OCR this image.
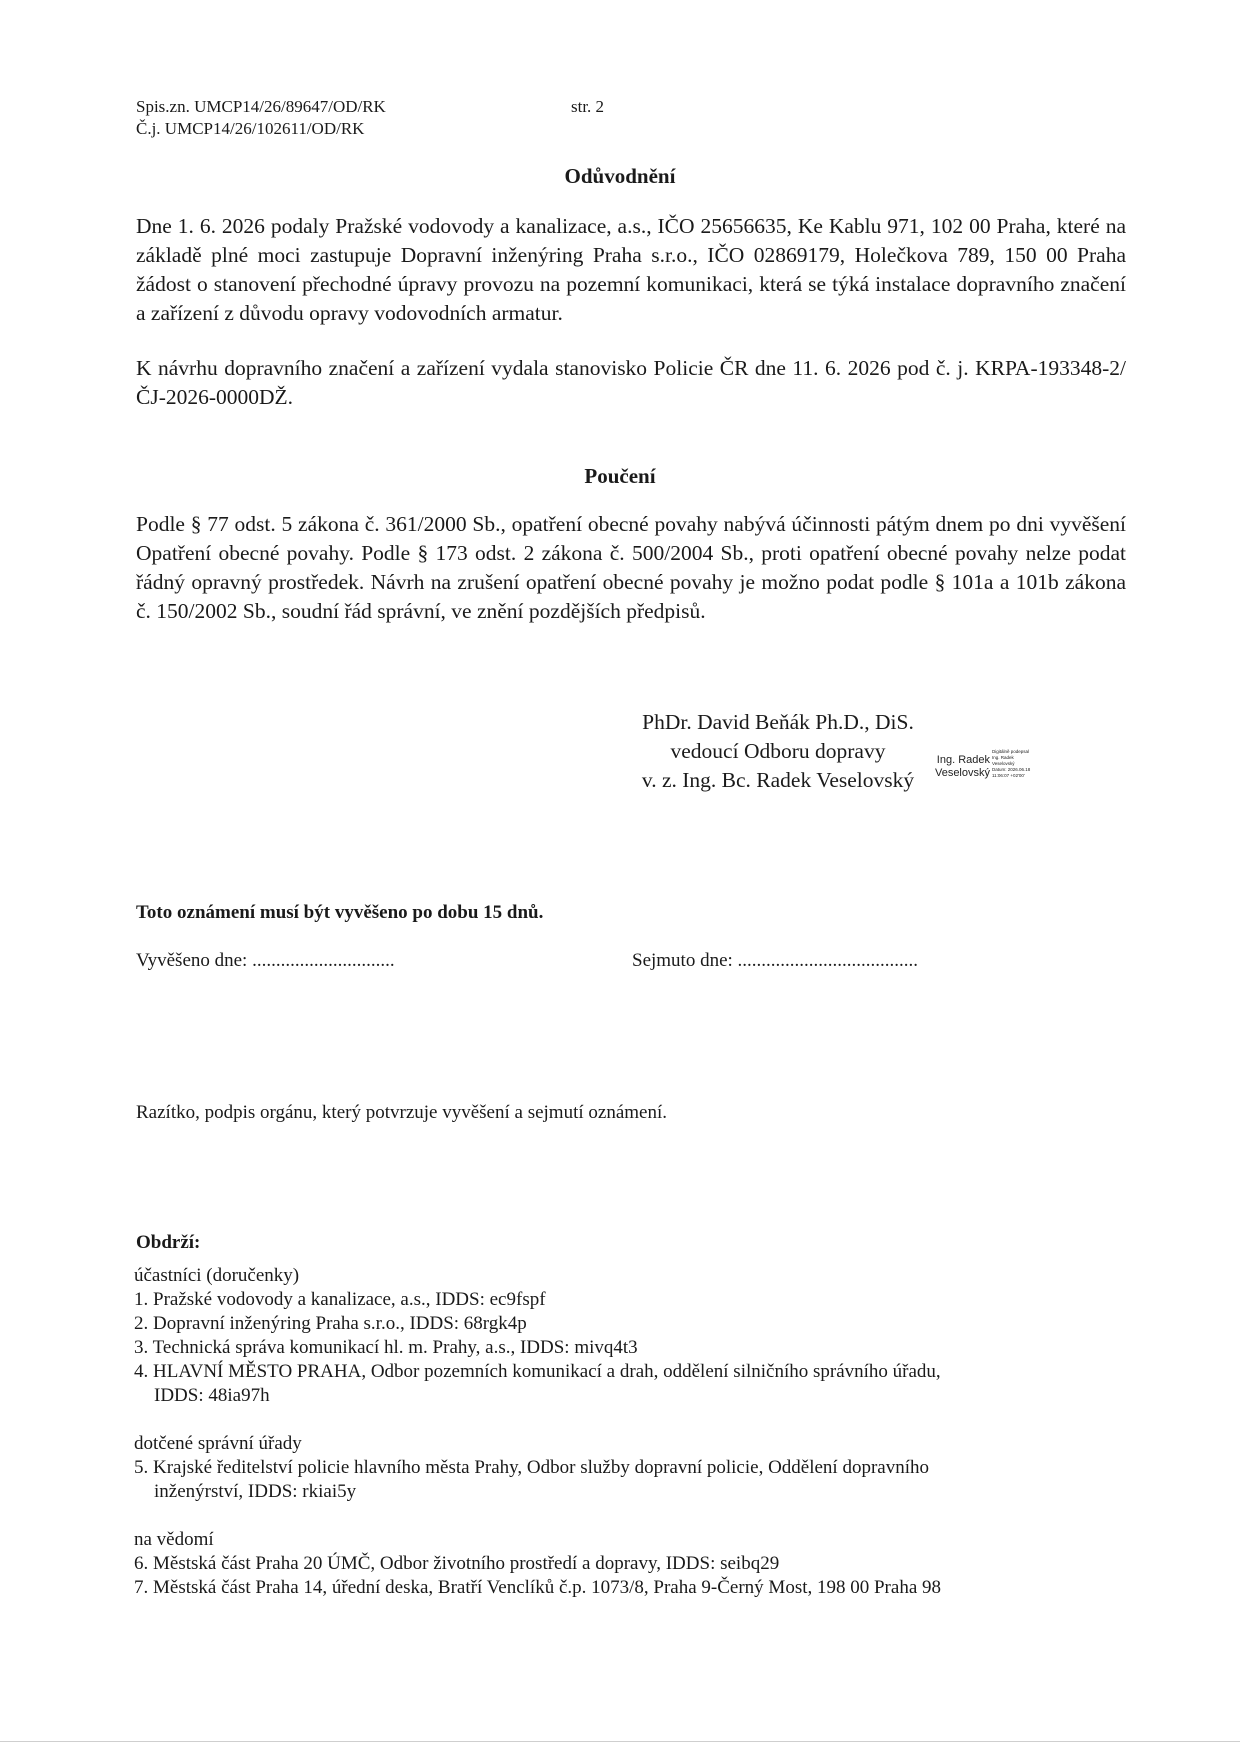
Spis.zn. UMCP14/26/89647/OD/RK
Č.j. UMCP14/26/102611/OD/RK
str. 2
Odůvodnění
Dne 1. 6. 2026 podaly Pražské vodovody a kanalizace, a.s., IČO 25656635, Ke Kablu 971, 102 00 Praha, které na základě plné moci zastupuje Dopravní inženýring Praha s.r.o., IČO 02869179, Holečkova 789, 150 00 Praha žádost o stanovení přechodné úpravy provozu na pozemní komunikaci, která se týká instalace dopravního značení a zařízení z důvodu opravy vodovodních armatur.
K návrhu dopravního značení a zařízení vydala stanovisko Policie ČR dne 11. 6. 2026 pod č. j. KRPA-193348-2/ČJ-2026-0000DŽ.
Poučení
Podle § 77 odst. 5 zákona č. 361/2000 Sb., opatření obecné povahy nabývá účinnosti pátým dnem po dni vyvěšení Opatření obecné povahy. Podle § 173 odst. 2 zákona č. 500/2004 Sb., proti opatření obecné povahy nelze podat řádný opravný prostředek. Návrh na zrušení opatření obecné povahy je možno podat podle § 101a a 101b zákona č. 150/2002 Sb., soudní řád správní, ve znění pozdějších předpisů.
PhDr. David Beňák Ph.D., DiS.
vedoucí Odboru dopravy
v. z. Ing. Bc. Radek Veselovský
Ing. Radek
Veselovský
Digitálně podepsal
Ing. Radek
Veselovský
Datum: 2026.06.18
11:06:07 +02'00'
Toto oznámení musí být vyvěšeno po dobu 15 dnů.
Vyvěšeno dne: ..............................	Sejmuto dne: ......................................
Razítko, podpis orgánu, který potvrzuje vyvěšení a sejmutí oznámení.
Obdrží:

účastníci (doručenky)

1. Pražské vodovody a kanalizace, a.s., IDDS: ec9fspf

2. Dopravní inženýring Praha s.r.o., IDDS: 68rgk4p

3. Technická správa komunikací hl. m. Prahy, a.s., IDDS: mivq4t3

4. HLAVNÍ MĚSTO PRAHA, Odbor pozemních komunikací a drah, oddělení silničního správního úřadu,

IDDS: 48ia97h

dotčené správní úřady

5. Krajské ředitelství policie hlavního města Prahy, Odbor služby dopravní policie, Oddělení dopravního

inženýrství, IDDS: rkiai5y

na vědomí

6. Městská část Praha 20 ÚMČ, Odbor životního prostředí a dopravy, IDDS: seibq29

7. Městská část Praha 14, úřední deska, Bratří Venclíků č.p. 1073/8, Praha 9-Černý Most, 198 00 Praha 98
